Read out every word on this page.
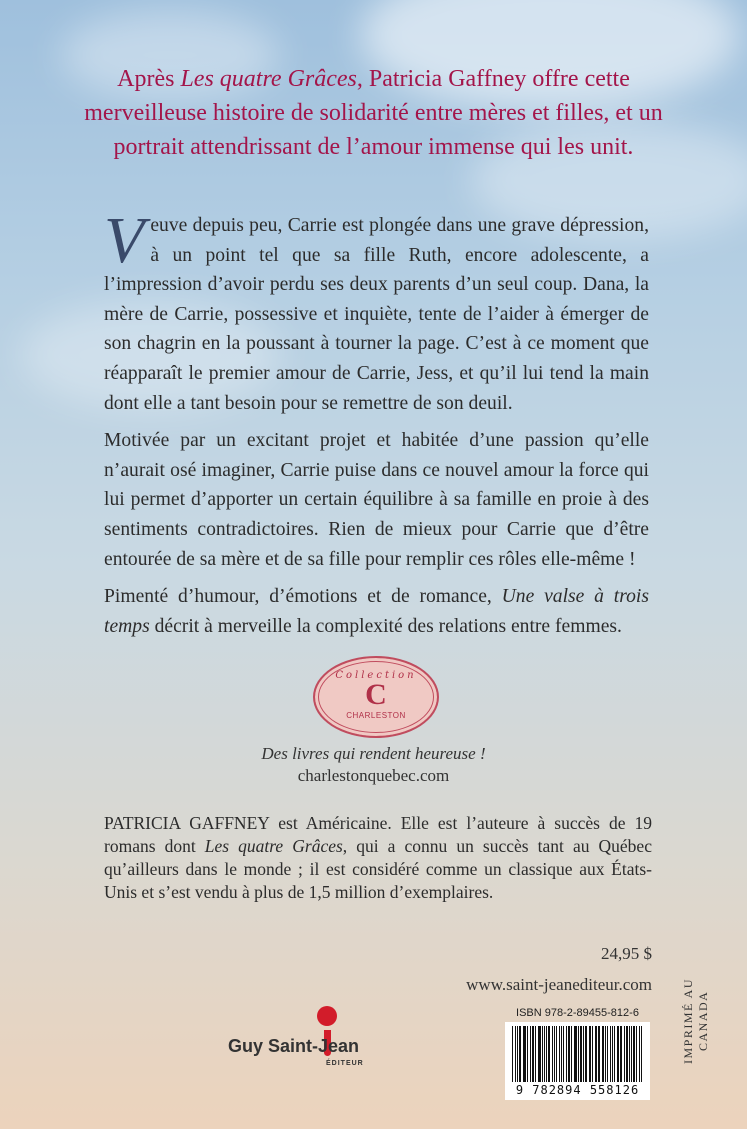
Après Les quatre Grâces, Patricia Gaffney offre cette merveilleuse histoire de solidarité entre mères et filles, et un portrait attendrissant de l’amour immense qui les unit.

Veuve depuis peu, Carrie est plongée dans une grave dépression, à un point tel que sa fille Ruth, encore adolescente, a l’impression d’avoir perdu ses deux parents d’un seul coup. Dana, la mère de Carrie, possessive et inquiète, tente de l’aider à émerger de son chagrin en la poussant à tourner la page. C’est à ce moment que réapparaît le premier amour de Carrie, Jess, et qu’il lui tend la main dont elle a tant besoin pour se remettre de son deuil.

Motivée par un excitant projet et habitée d’une passion qu’elle n’aurait osé imaginer, Carrie puise dans ce nouvel amour la force qui lui permet d’apporter un certain équilibre à sa famille en proie à des sentiments contradictoires. Rien de mieux pour Carrie que d’être entourée de sa mère et de sa fille pour remplir ces rôles elle-même !

Pimenté d’humour, d’émotions et de romance, Une valse à trois temps décrit à merveille la complexité des relations entre femmes.

Collection
C
CHARLESTON
Des livres qui rendent heureuse !
charlestonquebec.com
PATRICIA GAFFNEY est Américaine. Elle est l’auteure à succès de 19 romans dont Les quatre Grâces, qui a connu un succès tant au Québec qu’ailleurs dans le monde ; il est considéré comme un classique aux États-Unis et s’est vendu à plus de 1,5 million d’exemplaires.
24,95 $
www.saint-jeanediteur.com
ISBN 978-2-89455-812-6
9 782894 558126
IMPRIMÉ AU CANADA
Guy Saint-Jean
ÉDITEUR
